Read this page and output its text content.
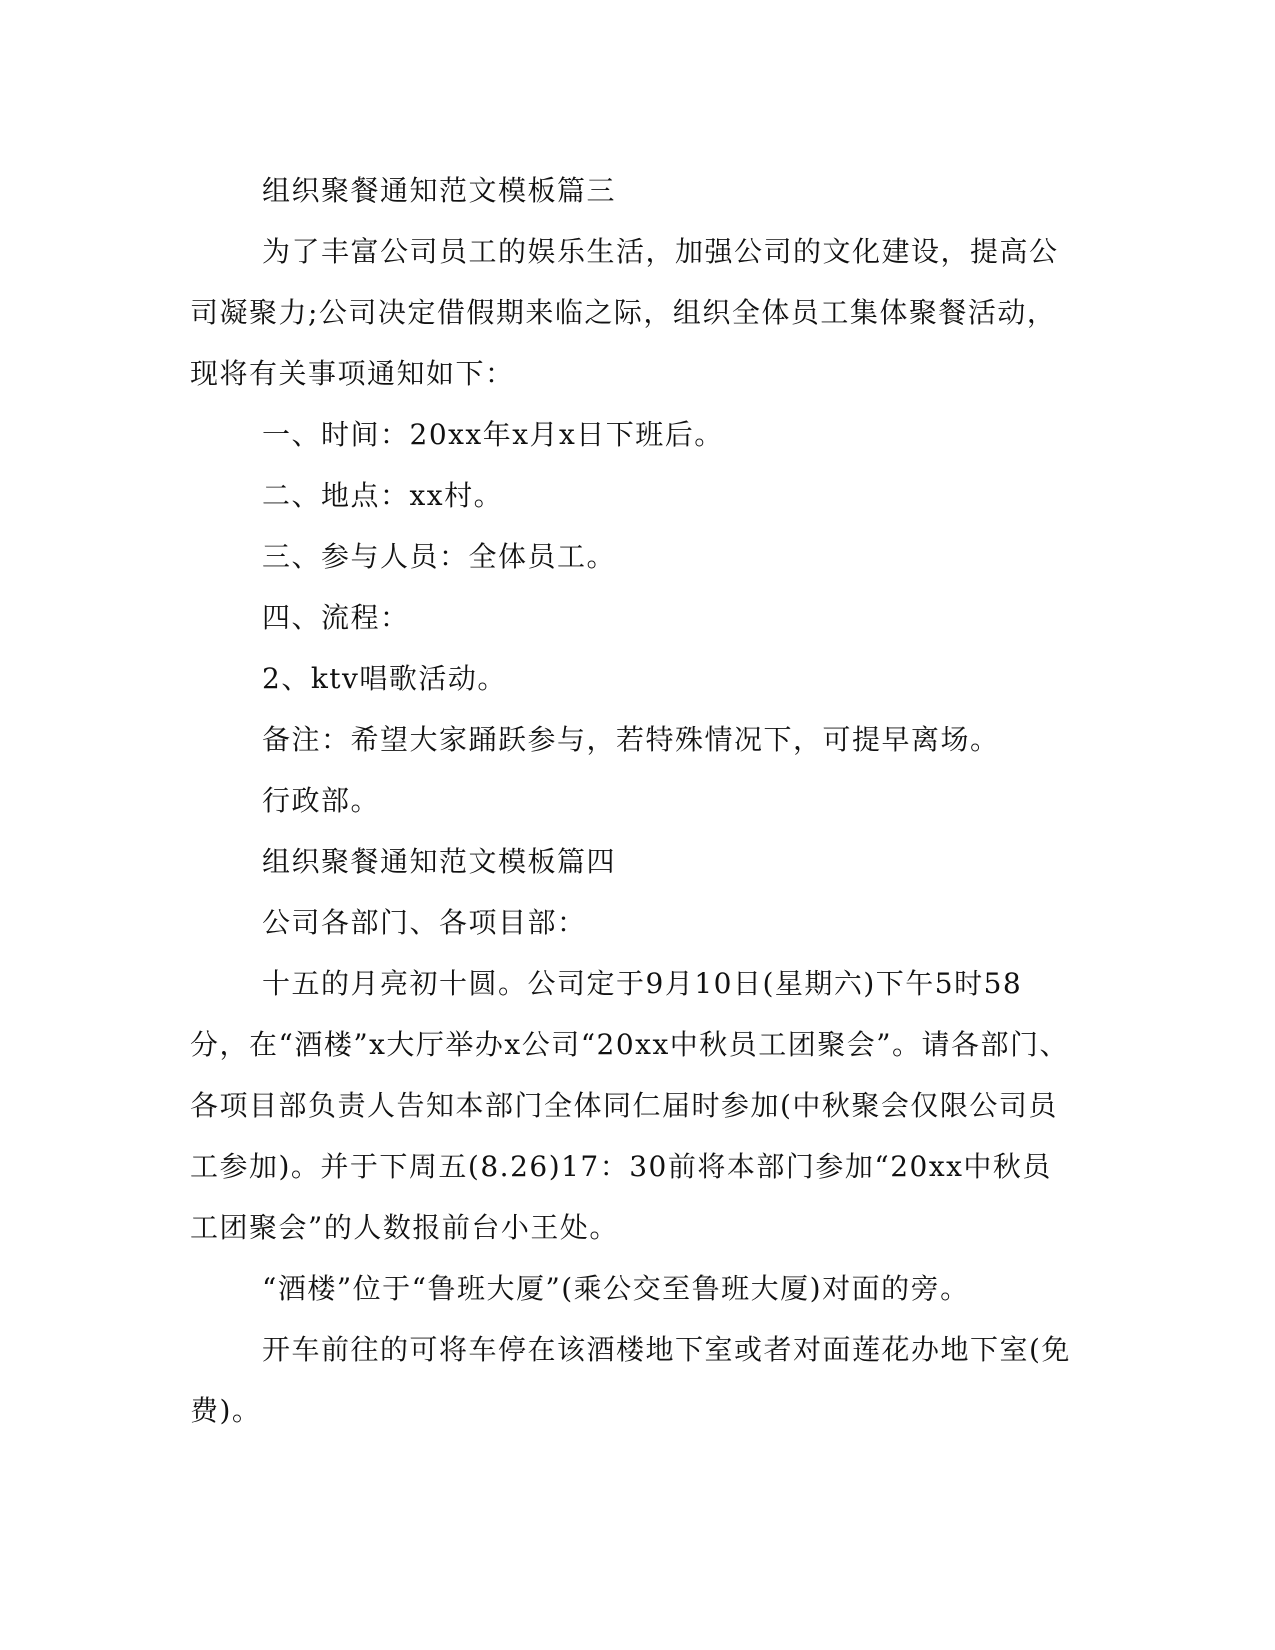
组织聚餐通知范文模板篇三

为了丰富公司员工的娱乐生活，加强公司的文化建设，提高公司凝聚力;公司决定借假期来临之际，组织全体员工集体聚餐活动，现将有关事项通知如下：

一、时间：20xx年x月x日下班后。

二、地点：xx村。

三、参与人员：全体员工。

四、流程：

2、ktv唱歌活动。

备注：希望大家踊跃参与，若特殊情况下，可提早离场。

行政部。

组织聚餐通知范文模板篇四

公司各部门、各项目部：

十五的月亮初十圆。公司定于9月10日(星期六)下午5时58分，在“酒楼”x大厅举办x公司“20xx中秋员工团聚会”。请各部门、各项目部负责人告知本部门全体同仁届时参加(中秋聚会仅限公司员工参加)。并于下周五(8.26)17：30前将本部门参加“20xx中秋员工团聚会”的人数报前台小王处。

“酒楼”位于“鲁班大厦”(乘公交至鲁班大厦)对面的旁。

开车前往的可将车停在该酒楼地下室或者对面莲花办地下室(免费)。
